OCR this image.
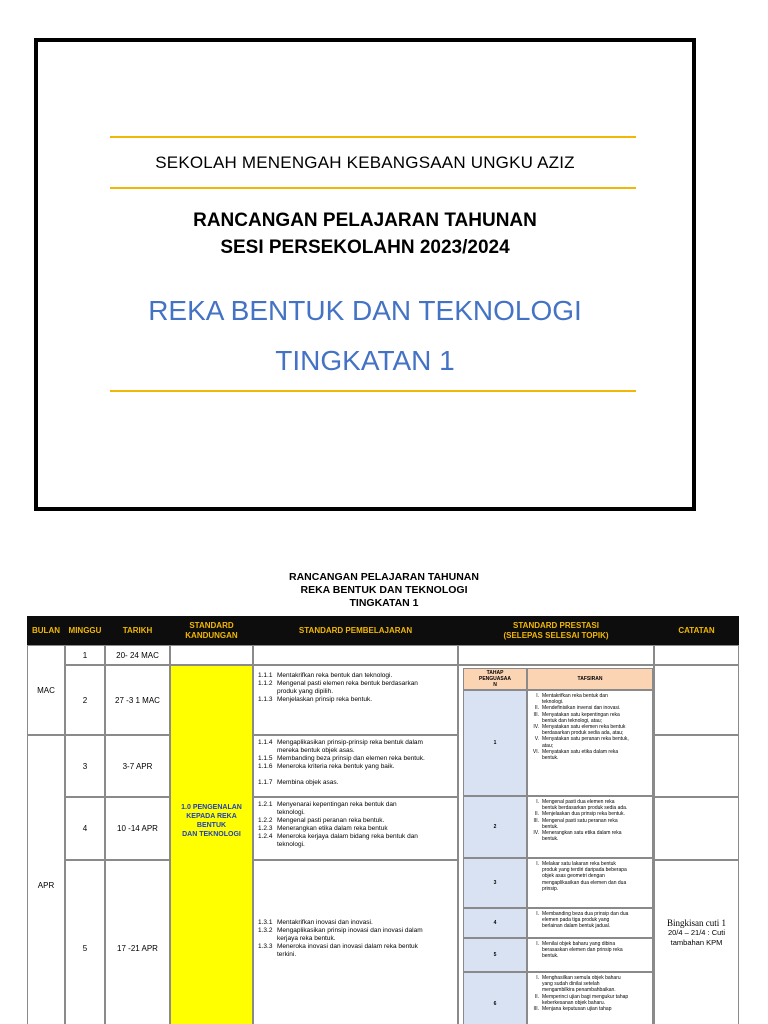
SEKOLAH MENENGAH KEBANGSAAN UNGKU AZIZ
RANCANGAN PELAJARAN TAHUNAN
SESI PERSEKOLAHN 2023/2024
REKA BENTUK DAN TEKNOLOGI
TINGKATAN 1
RANCANGAN PELAJARAN TAHUNAN
REKA BENTUK DAN TEKNOLOGI
TINGKATAN 1
BULAN	MINGGU	TARIKH
STANDARD
KANDUNGAN
STANDARD PEMBELAJARAN
STANDARD PRESTASI
(SELEPAS SELESAI TOPIK)
CATATAN
MAC
APR
1
2
3
4
5
20- 24 MAC
27 -3 1 MAC
3-7 APR
10 -14 APR
17 -21 APR
1.0 PENGENALAN
KEPADA REKA BENTUK
DAN TEKNOLOGI
1.1.1 Mentakrifkan reka bentuk dan teknologi.
1.1.2 Mengenal pasti elemen reka bentuk berdasarkan
produk yang dipilih.
1.1.3 Menjelaskan prinsip reka bentuk.
1.1.4 Mengaplikasikan prinsip-prinsip reka bentuk dalam
mereka bentuk objek asas.
1.1.5 Membanding beza prinsip dan elemen reka bentuk.
1.1.6 Meneroka kriteria reka bentuk yang baik.
1.1.7 Membina objek asas.
1.2.1 Menyenarai kepentingan reka bentuk dan
teknologi.
1.2.2 Mengenal pasti peranan reka bentuk.
1.2.3 Menerangkan etika dalam reka bentuk
1.2.4 Meneroka kerjaya dalam bidang reka bentuk dan
teknologi.
1.3.1 Mentakrifkan inovasi dan inovasi.
1.3.2 Mengaplikasikan prinsip inovasi dan inovasi dalam
kerjaya reka bentuk.
1.3.3 Meneroka inovasi dan inovasi dalam reka bentuk
terkini.
TAHAP
PENGUASAA
N
TAFSIRAN
1
I. Mentakrifkan reka bentuk dan
teknologi.
II. Mendefinisikan invensi dan inovasi.
III. Menyatakan satu kepentingan reka
bentuk dan teknologi, atau;
IV. Menyatakan satu elemen reka bentuk
berdasarkan produk sedia ada, atau;
V. Menyatakan satu peranan reka bentuk,
atau;
VI. Menyatakan satu etika dalam reka
bentuk.
2
I. Mengenal pasti dua elemen reka
bentuk berdasarkan produk sedia ada.
II. Menjelaskan dua prinsip reka bentuk.
III. Mengenal pasti satu peranan reka
bentuk.
IV. Menerangkan satu etika dalam reka
bentuk.
3
I. Melakar satu lakaran reka bentuk
produk yang terdiri daripada beberapa
objek asas geometri dengan
mengaplikasikan dua elemen dan dua
prinsip.
4
I. Membanding beza dua prinsip dan dua
elemen pada tiga produk yang
berlainan dalam bentuk jadual.
5
I. Menilai objek baharu yang dibina
berasaskan elemen dan prinsip reka
bentuk.
6
I. Menghasilkan semula objek baharu
yang sudah dinilai setelah
mengambilkira penambahbaikan.
II. Memperinci ujian bagi mengukur tahap
keberkesanan objek baharu.
III. Menjana keputusan ujian tahap
Bingkisan cuti 1
20/4 – 21/4 : Cuti
tambahan KPM
